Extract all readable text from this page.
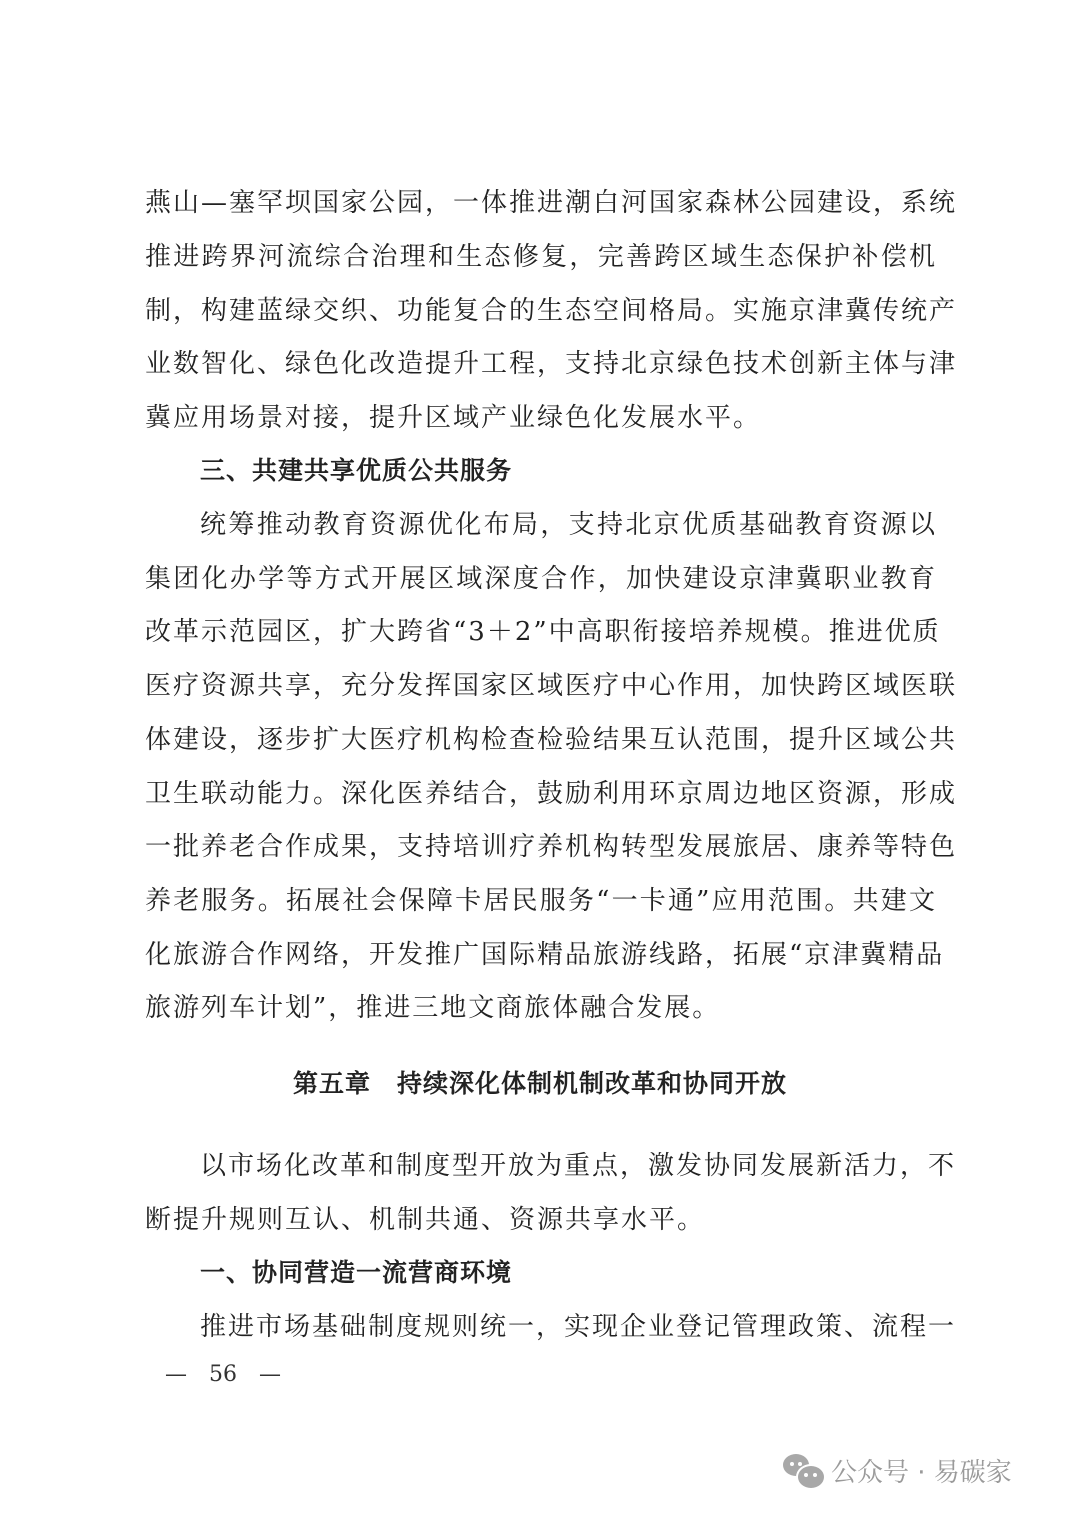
燕山—塞罕坝国家公园，一体推进潮白河国家森林公园建设，系统
推进跨界河流综合治理和生态修复，完善跨区域生态保护补偿机
制，构建蓝绿交织、功能复合的生态空间格局。实施京津冀传统产
业数智化、绿色化改造提升工程，支持北京绿色技术创新主体与津
冀应用场景对接，提升区域产业绿色化发展水平。
三、共建共享优质公共服务
统筹推动教育资源优化布局，支持北京优质基础教育资源以
集团化办学等方式开展区域深度合作，加快建设京津冀职业教育
改革示范园区，扩大跨省“3＋2”中高职衔接培养规模。推进优质
医疗资源共享，充分发挥国家区域医疗中心作用，加快跨区域医联
体建设，逐步扩大医疗机构检查检验结果互认范围，提升区域公共
卫生联动能力。深化医养结合，鼓励利用环京周边地区资源，形成
一批养老合作成果，支持培训疗养机构转型发展旅居、康养等特色
养老服务。拓展社会保障卡居民服务“一卡通”应用范围。共建文
化旅游合作网络，开发推广国际精品旅游线路，拓展“京津冀精品
旅游列车计划”，推进三地文商旅体融合发展。
第五章　持续深化体制机制改革和协同开放
以市场化改革和制度型开放为重点，激发协同发展新活力，不
断提升规则互认、机制共通、资源共享水平。
一、协同营造一流营商环境
推进市场基础制度规则统一，实现企业登记管理政策、流程一
—　56　—
公众号 · 易碳家
